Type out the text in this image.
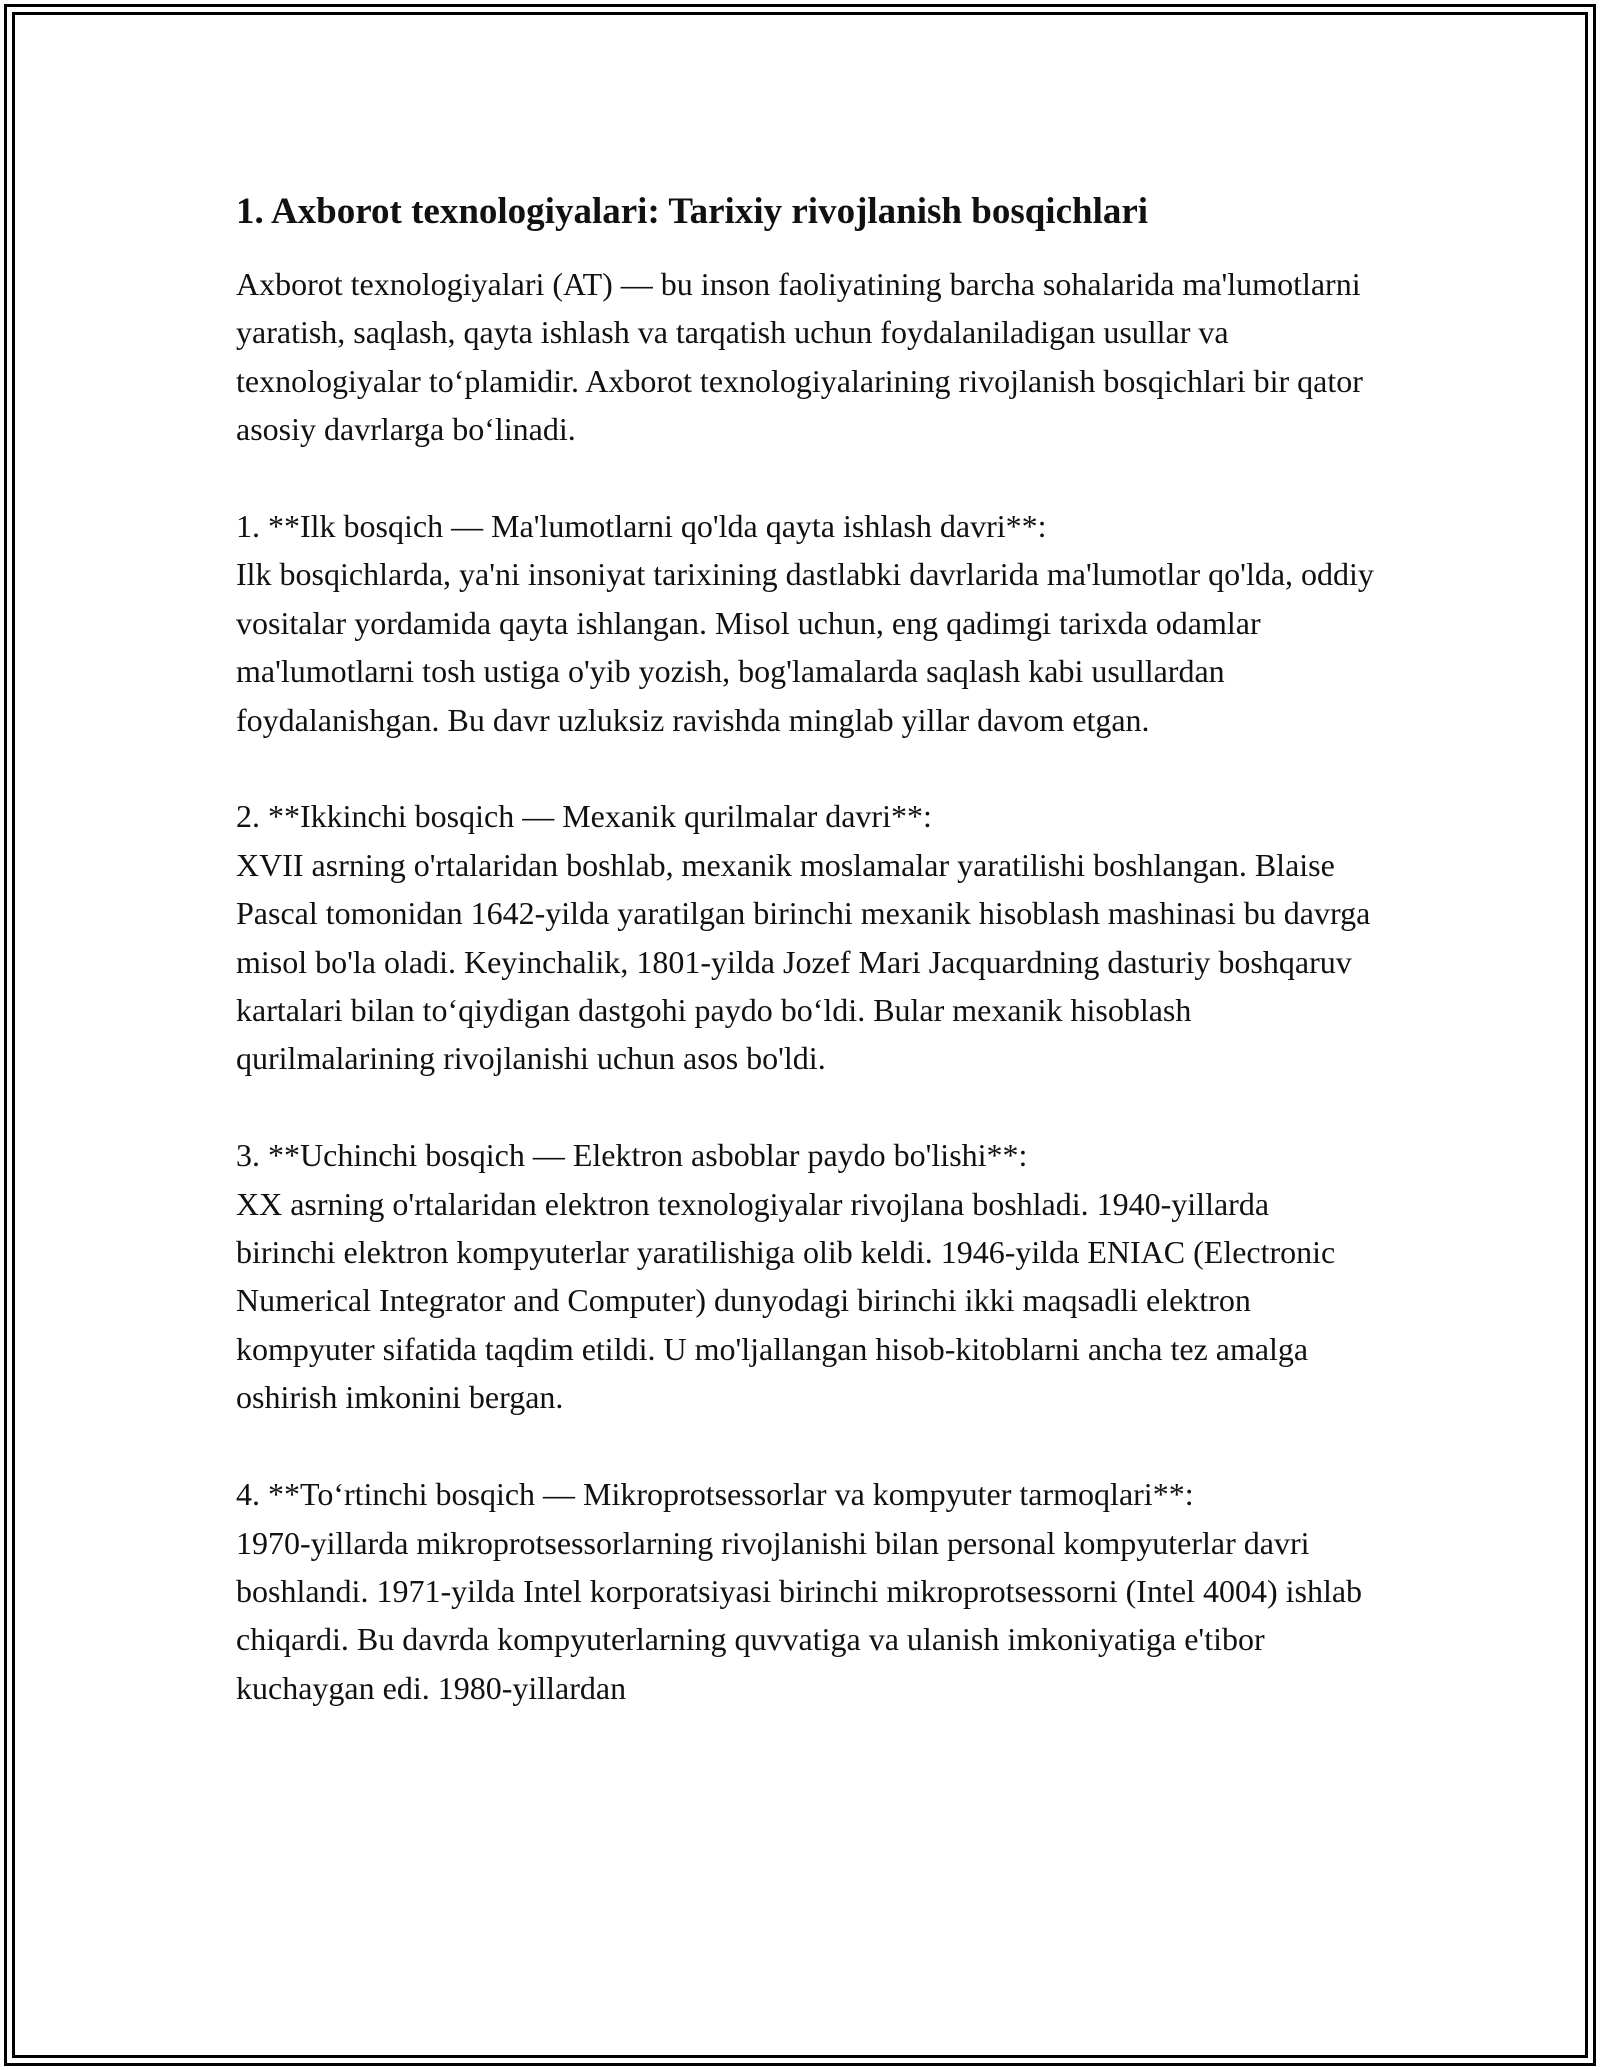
1. Axborot texnologiyalari: Tarixiy rivojlanish bosqichlari

Axborot texnologiyalari (AT) — bu inson faoliyatining barcha sohalarida ma'lumotlarni yaratish, saqlash, qayta ishlash va tarqatish uchun foydalaniladigan usullar va texnologiyalar to‘plamidir. Axborot texnologiyalarining rivojlanish bosqichlari bir qator asosiy davrlarga bo‘linadi.

1. **Ilk bosqich — Ma'lumotlarni qo'lda qayta ishlash davri**:

Ilk bosqichlarda, ya'ni insoniyat tarixining dastlabki davrlarida ma'lumotlar qo'lda, oddiy vositalar yordamida qayta ishlangan. Misol uchun, eng qadimgi tarixda odamlar ma'lumotlarni tosh ustiga o'yib yozish, bog'lamalarda saqlash kabi usullardan foydalanishgan. Bu davr uzluksiz ravishda minglab yillar davom etgan.

2. **Ikkinchi bosqich — Mexanik qurilmalar davri**:

XVII asrning o'rtalaridan boshlab, mexanik moslamalar yaratilishi boshlangan. Blaise Pascal tomonidan 1642-yilda yaratilgan birinchi mexanik hisoblash mashinasi bu davrga misol bo'la oladi. Keyinchalik, 1801-yilda Jozef Mari Jacquardning dasturiy boshqaruv kartalari bilan to‘qiydigan dastgohi paydo bo‘ldi. Bular mexanik hisoblash qurilmalarining rivojlanishi uchun asos bo'ldi.

3. **Uchinchi bosqich — Elektron asboblar paydo bo'lishi**:

XX asrning o'rtalaridan elektron texnologiyalar rivojlana boshladi. 1940-yillarda birinchi elektron kompyuterlar yaratilishiga olib keldi. 1946-yilda ENIAC (Electronic Numerical Integrator and Computer) dunyodagi birinchi ikki maqsadli elektron kompyuter sifatida taqdim etildi. U mo'ljallangan hisob-kitoblarni ancha tez amalga oshirish imkonini bergan.

4. **To‘rtinchi bosqich — Mikroprotsessorlar va kompyuter tarmoqlari**:

1970-yillarda mikroprotsessorlarning rivojlanishi bilan personal kompyuterlar davri boshlandi. 1971-yilda Intel korporatsiyasi birinchi mikroprotsessorni (Intel 4004) ishlab chiqardi. Bu davrda kompyuterlarning quvvatiga va ulanish imkoniyatiga e'tibor kuchaygan edi. 1980-yillardan
